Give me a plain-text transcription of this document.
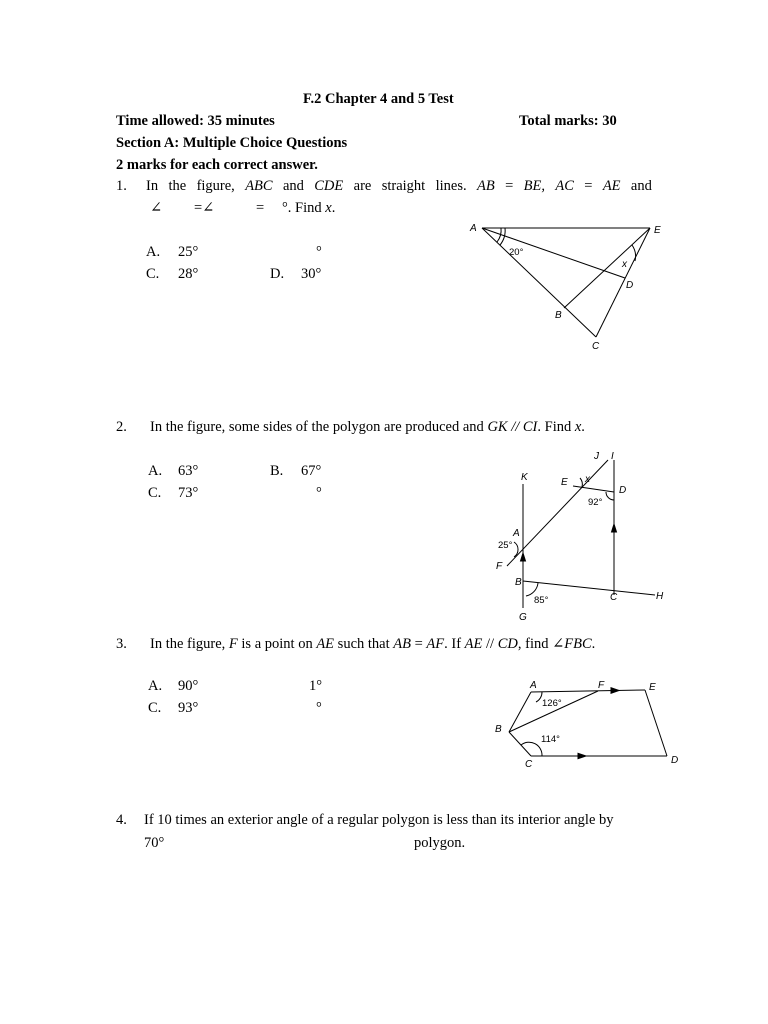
F.2 Chapter 4 and 5 Test
Time allowed: 35 minutes	Total marks: 30
Section A: Multiple Choice Questions
2 marks for each correct answer.
1. In the figure, ABC and CDE are straight lines. AB = BE, AC = AE and
∠ =∠	= °. Find x.
A. 25°	°
C. 28°	D. 30°
A	E
D
B
C
x
20°
2. In the figure, some sides of the polygon are produced and GK // CI. Find x.
A. 63°	B. 67°
C. 73°	°
J I
K	E x
D
92°
A
25°
F
B
85°	C	H
G
3. In the figure, F is a point on AE such that AB = AF. If AE // CD, find ∠FBC.
A. 90°	1°
C. 93°	°
A	F	E
B
C	D
126°
114°
4. If 10 times an exterior angle of a regular polygon is less than its interior angle by
70°	polygon.
